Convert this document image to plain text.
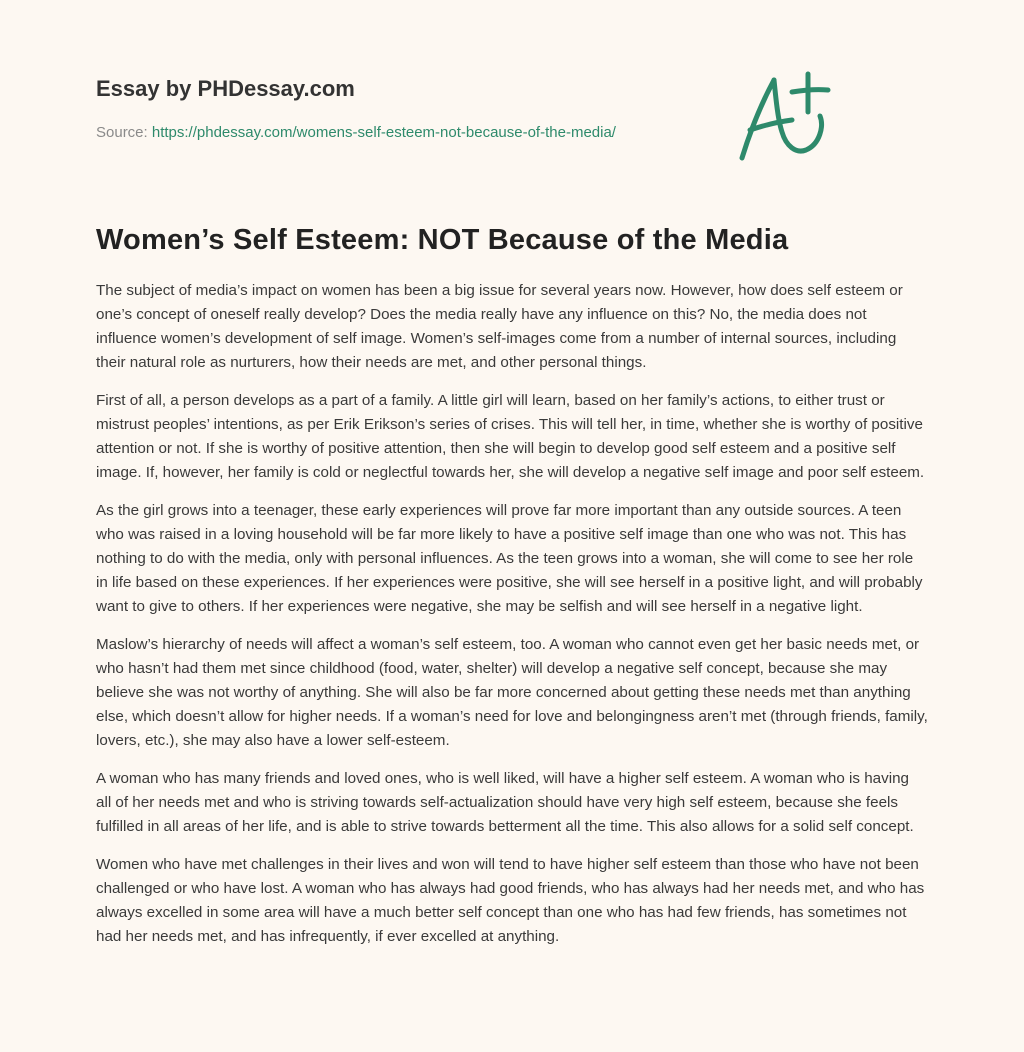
Essay by PHDessay.com
Source: https://phdessay.com/womens-self-esteem-not-because-of-the-media/
Women’s Self Esteem: NOT Because of the Media

The subject of media’s impact on women has been a big issue for several years now. However, how does self esteem or one’s concept of oneself really develop? Does the media really have any influence on this? No, the media does not influence women’s development of self image. Women’s self-images come from a number of internal sources, including their natural role as nurturers, how their needs are met, and other personal things.

First of all, a person develops as a part of a family. A little girl will learn, based on her family’s actions, to either trust or mistrust peoples’ intentions, as per Erik Erikson’s series of crises. This will tell her, in time, whether she is worthy of positive attention or not. If she is worthy of positive attention, then she will begin to develop good self esteem and a positive self image. If, however, her family is cold or neglectful towards her, she will develop a negative self image and poor self esteem.

As the girl grows into a teenager, these early experiences will prove far more important than any outside sources. A teen who was raised in a loving household will be far more likely to have a positive self image than one who was not. This has nothing to do with the media, only with personal influences. As the teen grows into a woman, she will come to see her role in life based on these experiences. If her experiences were positive, she will see herself in a positive light, and will probably want to give to others. If her experiences were negative, she may be selfish and will see herself in a negative light.

Maslow’s hierarchy of needs will affect a woman’s self esteem, too. A woman who cannot even get her basic needs met, or who hasn’t had them met since childhood (food, water, shelter) will develop a negative self concept, because she may believe she was not worthy of anything. She will also be far more concerned about getting these needs met than anything else, which doesn’t allow for higher needs. If a woman’s need for love and belongingness aren’t met (through friends, family, lovers, etc.), she may also have a lower self-esteem.

A woman who has many friends and loved ones, who is well liked, will have a higher self esteem. A woman who is having all of her needs met and who is striving towards self-actualization should have very high self esteem, because she feels fulfilled in all areas of her life, and is able to strive towards betterment all the time. This also allows for a solid self concept.

Women who have met challenges in their lives and won will tend to have higher self esteem than those who have not been challenged or who have lost. A woman who has always had good friends, who has always had her needs met, and who has always excelled in some area will have a much better self concept than one who has had few friends, has sometimes not had her needs met, and has infrequently, if ever excelled at anything.
